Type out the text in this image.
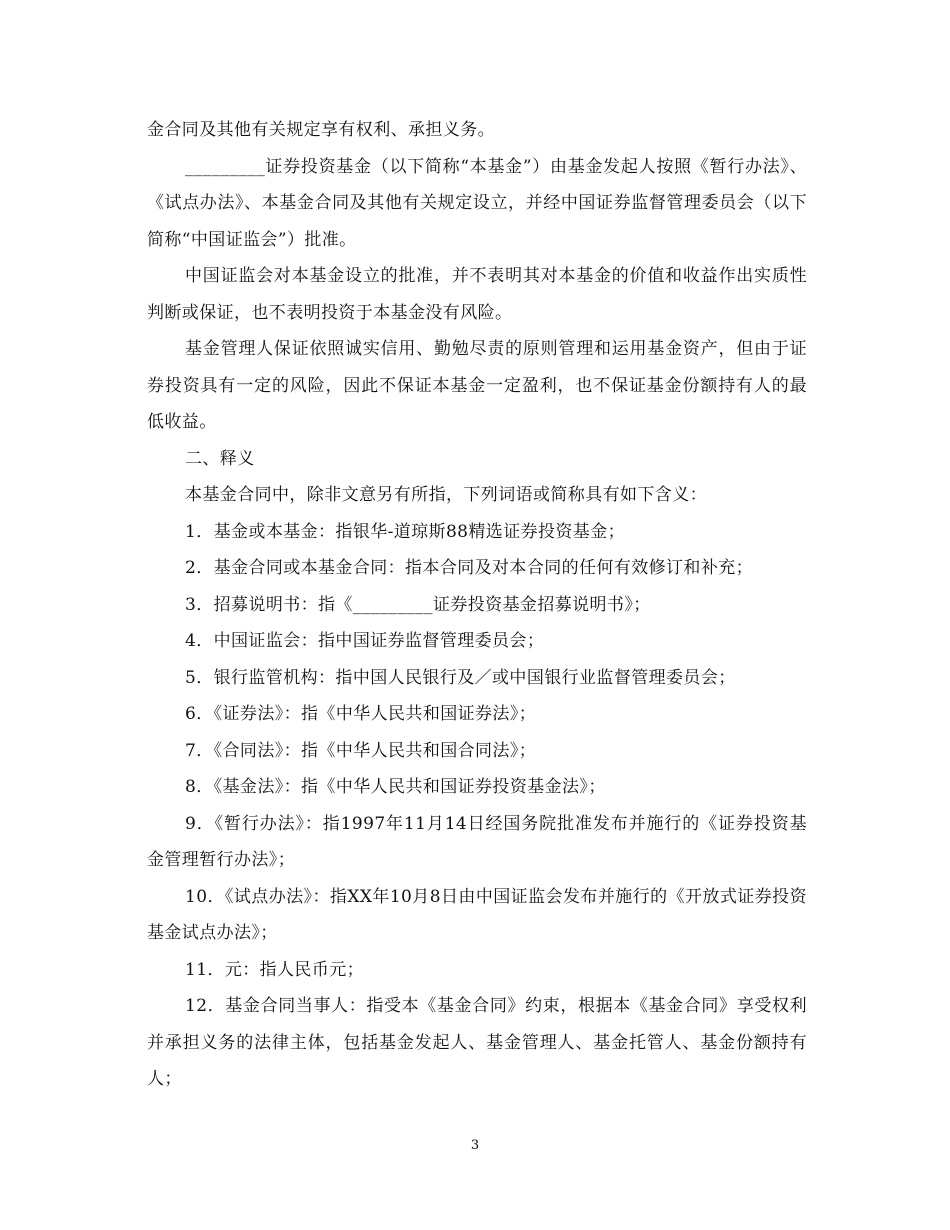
金合同及其他有关规定享有权利、承担义务。

_________证券投资基金（以下简称“本基金”）由基金发起人按照《暂行办法》、《试点办法》、本基金合同及其他有关规定设立，并经中国证券监督管理委员会（以下简称“中国证监会”）批准。

中国证监会对本基金设立的批准，并不表明其对本基金的价值和收益作出实质性判断或保证，也不表明投资于本基金没有风险。

基金管理人保证依照诚实信用、勤勉尽责的原则管理和运用基金资产，但由于证券投资具有一定的风险，因此不保证本基金一定盈利，也不保证基金份额持有人的最低收益。

二、释义

本基金合同中，除非文意另有所指，下列词语或简称具有如下含义：

1．基金或本基金：指银华-道琼斯88精选证券投资基金；

2．基金合同或本基金合同：指本合同及对本合同的任何有效修订和补充；

3．招募说明书：指《_________证券投资基金招募说明书》；

4．中国证监会：指中国证券监督管理委员会；

5．银行监管机构：指中国人民银行及／或中国银行业监督管理委员会；

6．《证券法》：指《中华人民共和国证券法》；

7．《合同法》：指《中华人民共和国合同法》；

8．《基金法》：指《中华人民共和国证券投资基金法》；

9．《暂行办法》：指1997年11月14日经国务院批准发布并施行的《证券投资基金管理暂行办法》；

10．《试点办法》：指XX年10月8日由中国证监会发布并施行的《开放式证券投资基金试点办法》；

11．元：指人民币元；

12．基金合同当事人：指受本《基金合同》约束，根据本《基金合同》享受权利并承担义务的法律主体，包括基金发起人、基金管理人、基金托管人、基金份额持有人；

3
